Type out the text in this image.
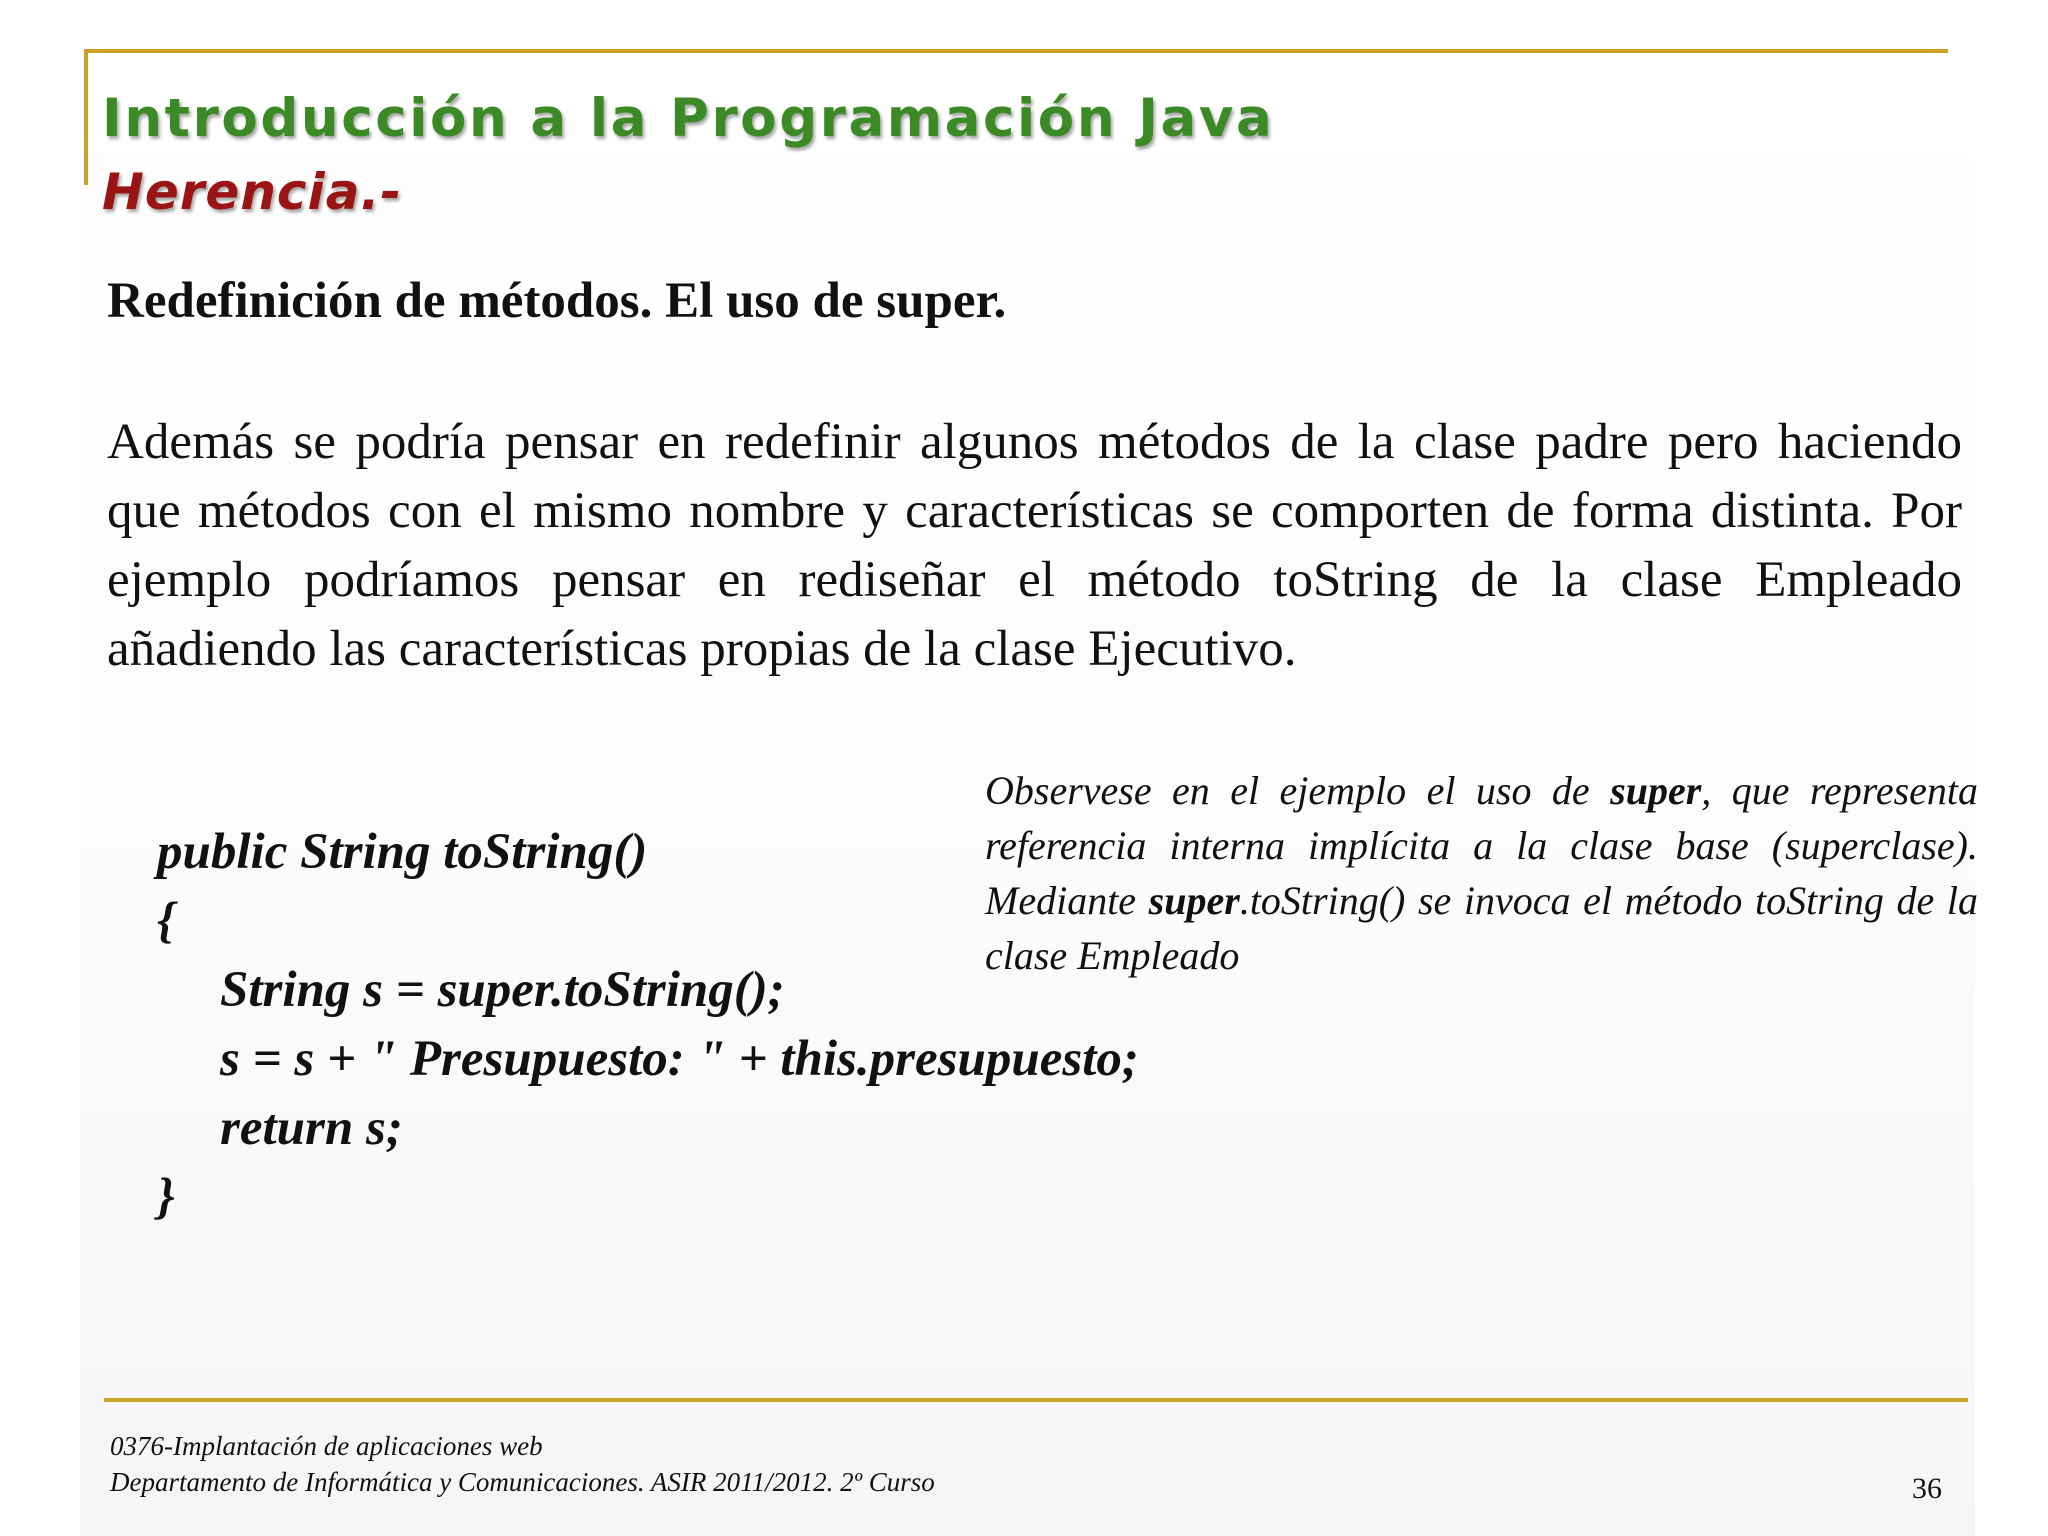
Introducción a la Programación Java
Herencia.-
Redefinición de métodos. El uso de super.

Además se podría pensar en redefinir algunos métodos de la clase padre pero haciendo que métodos con el mismo nombre y características se comporten de forma distinta. Por ejemplo podríamos pensar en rediseñar el método toString de la clase Empleado añadiendo las características propias de la clase Ejecutivo.

public String toString()
{
String s = super.toString();
s = s + " Presupuesto: " + this.presupuesto;
return s;
}

Observese en el ejemplo el uso de super, que representa referencia interna implícita a la clase base (superclase). Mediante super.toString() se invoca el método toString de la clase Empleado

0376-Implantación de aplicaciones web
Departamento de Informática y Comunicaciones. ASIR 2011/2012. 2º Curso	36
